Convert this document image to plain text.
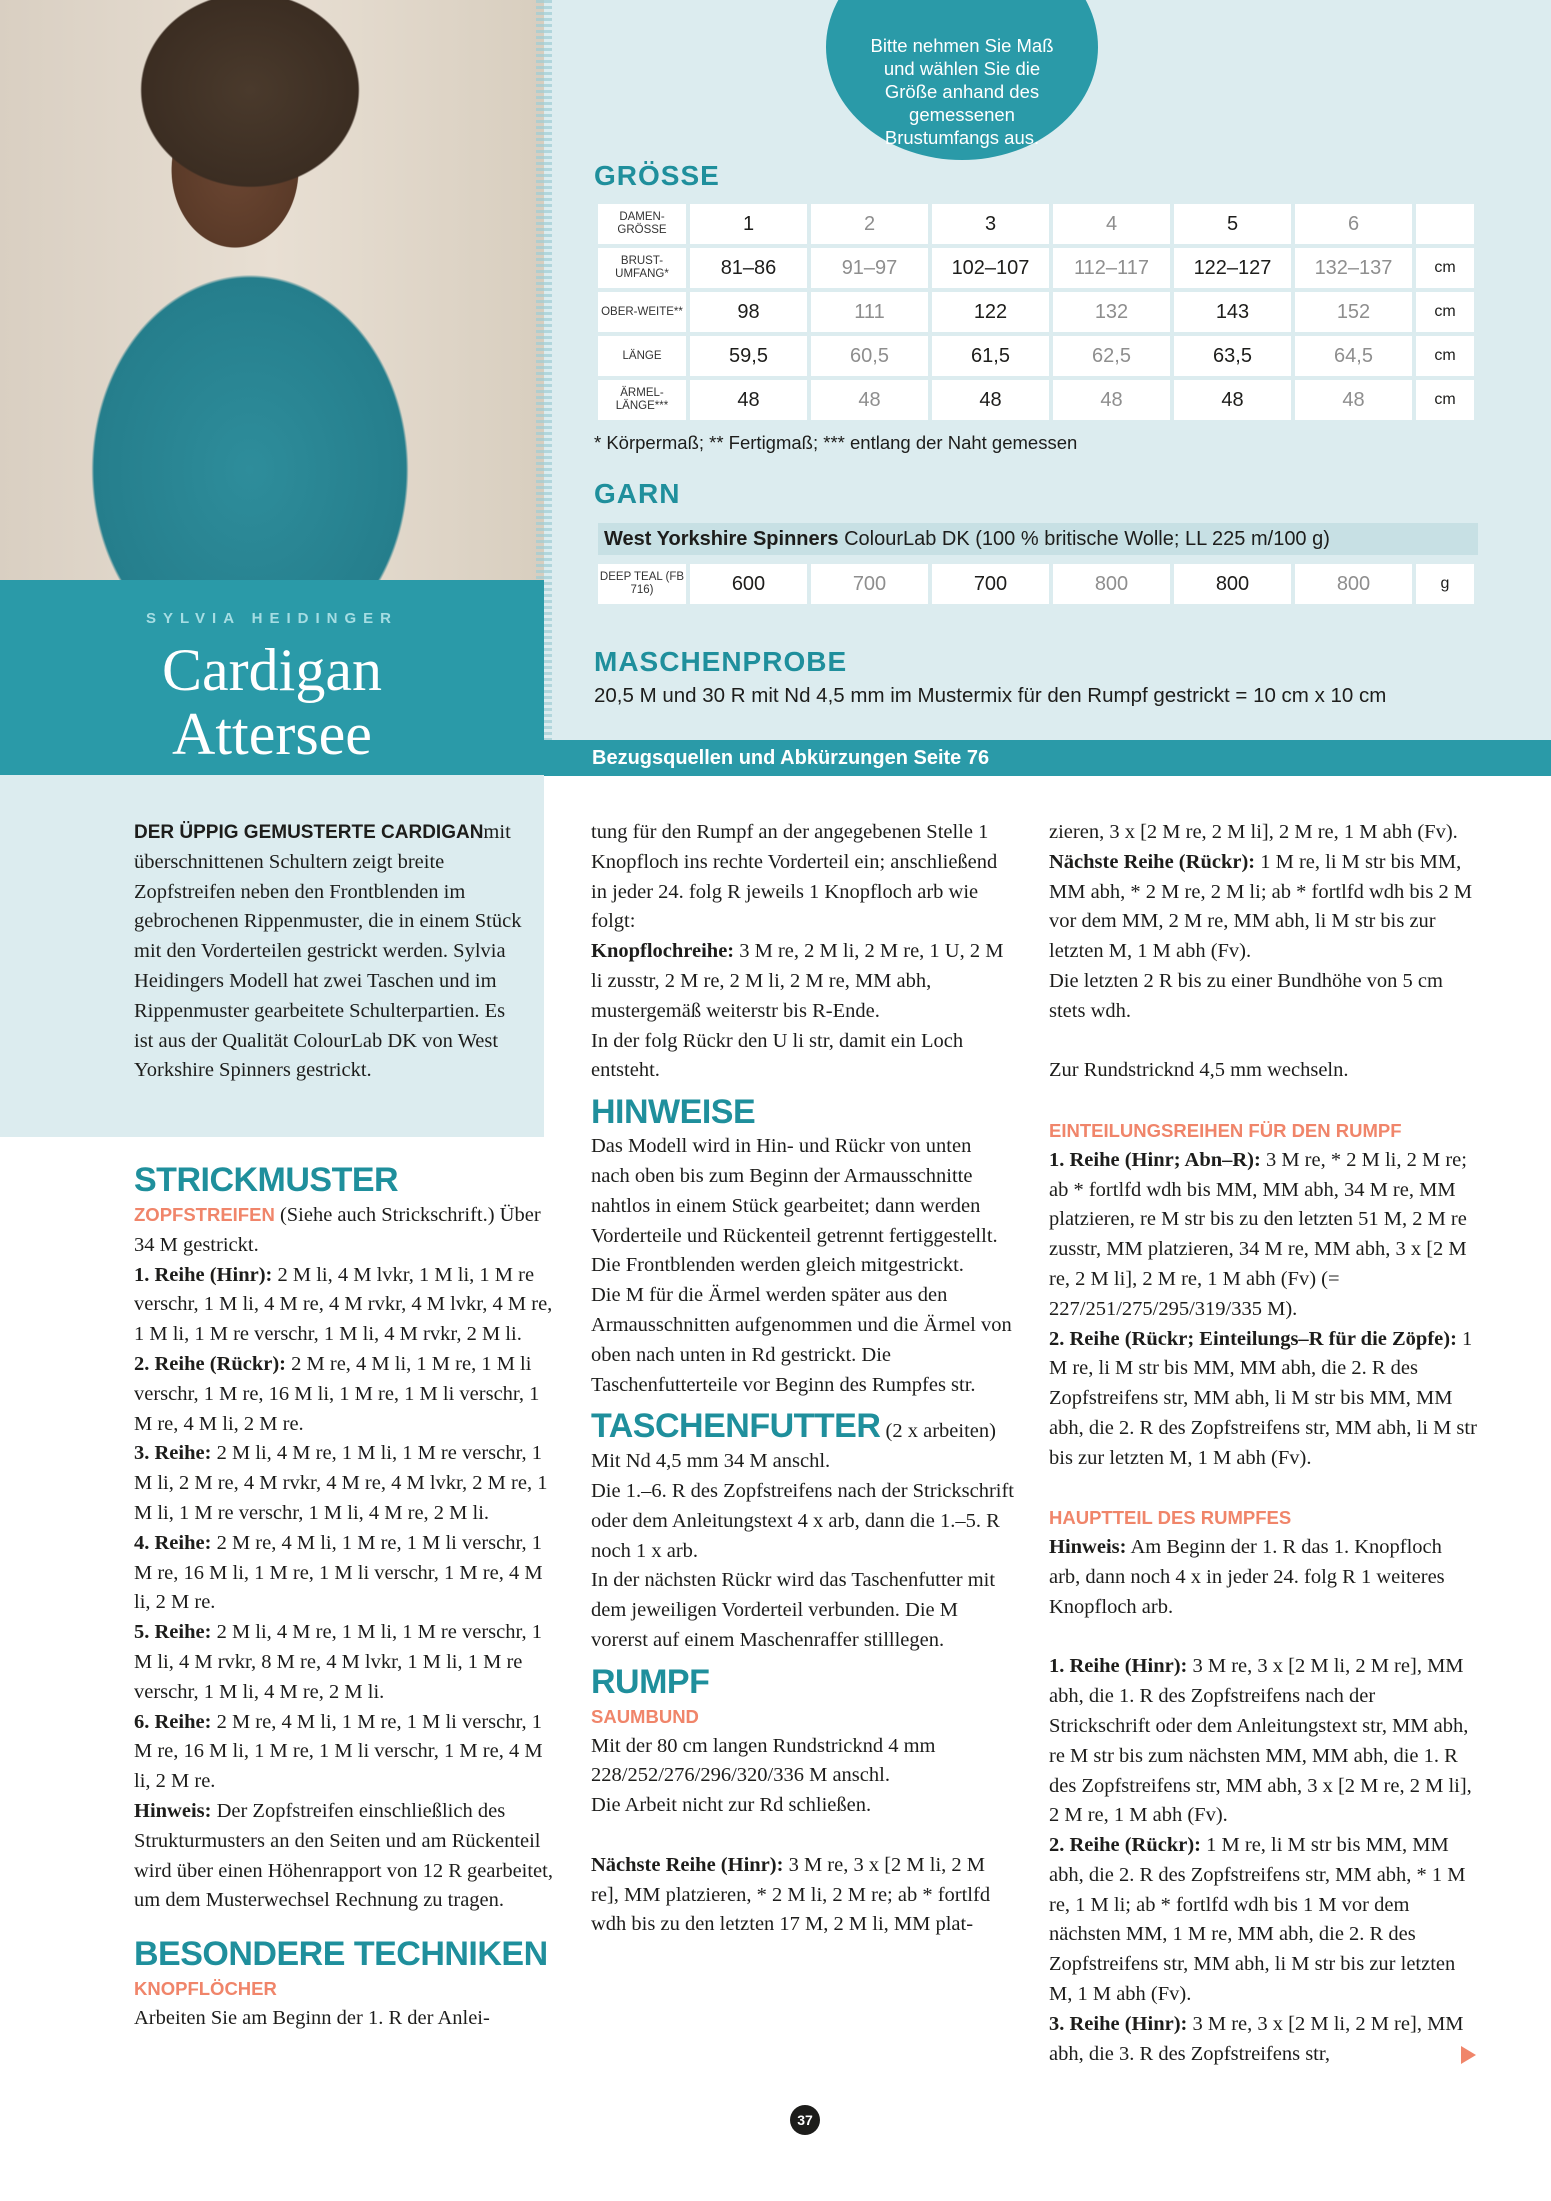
Bitte nehmen Sie Maß und wählen Sie die Größe anhand des gemessenen Brustumfangs aus.
SYLVIA HEIDINGER
Cardigan
Attersee
GRÖSSE
DAMEN-GRÖSSE	1	2	3	4	5	6	
BRUST-UMFANG*	81–86	91–97	102–107	112–117	122–127	132–137	cm
OBER-WEITE**	98	111	122	132	143	152	cm
LÄNGE	59,5	60,5	61,5	62,5	63,5	64,5	cm
ÄRMEL-LÄNGE***	48	48	48	48	48	48	cm
* Körpermaß; ** Fertigmaß; *** entlang der Naht gemessen
GARN
West Yorkshire Spinners ColourLab DK (100 % britische Wolle; LL 225 m/100 g)
DEEP TEAL (FB 716)	600	700	700	800	800	800	g
MASCHENPROBE
20,5 M und 30 R mit Nd 4,5 mm im Mustermix für den Rumpf gestrickt = 10 cm x 10 cm
Bezugsquellen und Abkürzungen Seite 76

DER ÜPPIG GEMUSTERTE CARDIGANmit überschnittenen Schultern zeigt breite Zopfstreifen neben den Frontblenden im gebrochenen Rippenmuster, die in einem Stück mit den Vorderteilen gestrickt werden. Sylvia Heidingers Modell hat zwei Taschen und im Rippenmuster gearbeitete Schulterpartien. Es ist aus der Qualität ColourLab DK von West Yorkshire Spinners gestrickt.

STRICKMUSTER

ZOPFSTREIFEN (Siehe auch Strickschrift.) Über 34 M gestrickt.

1. Reihe (Hinr): 2 M li, 4 M lvkr, 1 M li, 1 M re verschr, 1 M li, 4 M re, 4 M rvkr, 4 M lvkr, 4 M re, 1 M li, 1 M re verschr, 1 M li, 4 M rvkr, 2 M li.

2. Reihe (Rückr): 2 M re, 4 M li, 1 M re, 1 M li verschr, 1 M re, 16 M li, 1 M re, 1 M li verschr, 1 M re, 4 M li, 2 M re.

3. Reihe: 2 M li, 4 M re, 1 M li, 1 M re verschr, 1 M li, 2 M re, 4 M rvkr, 4 M re, 4 M lvkr, 2 M re, 1 M li, 1 M re verschr, 1 M li, 4 M re, 2 M li.

4. Reihe: 2 M re, 4 M li, 1 M re, 1 M li verschr, 1 M re, 16 M li, 1 M re, 1 M li verschr, 1 M re, 4 M li, 2 M re.

5. Reihe: 2 M li, 4 M re, 1 M li, 1 M re verschr, 1 M li, 4 M rvkr, 8 M re, 4 M lvkr, 1 M li, 1 M re verschr, 1 M li, 4 M re, 2 M li.

6. Reihe: 2 M re, 4 M li, 1 M re, 1 M li verschr, 1 M re, 16 M li, 1 M re, 1 M li verschr, 1 M re, 4 M li, 2 M re.

Hinweis: Der Zopfstreifen einschließlich des Strukturmusters an den Seiten und am Rückenteil wird über einen Höhenrapport von 12 R gearbeitet, um dem Musterwechsel Rechnung zu tragen.

BESONDERE TECHNIKEN
KNOPFLÖCHER

Arbeiten Sie am Beginn der 1. R der Anlei-

tung für den Rumpf an der angegebenen Stelle 1 Knopfloch ins rechte Vorderteil ein; anschließend in jeder 24. folg R jeweils 1 Knopfloch arb wie folgt:

Knopflochreihe: 3 M re, 2 M li, 2 M re, 1 U, 2 M li zusstr, 2 M re, 2 M li, 2 M re, MM abh, mustergemäß weiterstr bis R-Ende.

In der folg Rückr den U li str, damit ein Loch entsteht.

HINWEISE

Das Modell wird in Hin- und Rückr von unten nach oben bis zum Beginn der Armausschnitte nahtlos in einem Stück gearbeitet; dann werden Vorderteile und Rückenteil getrennt fertiggestellt. Die Frontblenden werden gleich mitgestrickt.

Die M für die Ärmel werden später aus den Armausschnitten aufgenommen und die Ärmel von oben nach unten in Rd gestrickt. Die Taschenfutterteile vor Beginn des Rumpfes str.

TASCHENFUTTER (2 x arbeiten)

Mit Nd 4,5 mm 34 M anschl.

Die 1.–6. R des Zopfstreifens nach der Strickschrift oder dem Anleitungstext 4 x arb, dann die 1.–5. R noch 1 x arb.

In der nächsten Rückr wird das Taschenfutter mit dem jeweiligen Vorderteil verbunden. Die M vorerst auf einem Maschenraffer stilllegen.

RUMPF
SAUMBUND

Mit der 80 cm langen Rundstricknd 4 mm 228/252/276/296/320/336 M anschl.

Die Arbeit nicht zur Rd schließen.

Nächste Reihe (Hinr): 3 M re, 3 x [2 M li, 2 M re], MM platzieren, * 2 M li, 2 M re; ab * fortlfd wdh bis zu den letzten 17 M, 2 M li, MM plat-

zieren, 3 x [2 M re, 2 M li], 2 M re, 1 M abh (Fv).

Nächste Reihe (Rückr): 1 M re, li M str bis MM, MM abh, * 2 M re, 2 M li; ab * fortlfd wdh bis 2 M vor dem MM, 2 M re, MM abh, li M str bis zur letzten M, 1 M abh (Fv).

Die letzten 2 R bis zu einer Bundhöhe von 5 cm stets wdh.

Zur Rundstricknd 4,5 mm wechseln.

EINTEILUNGSREIHEN FÜR DEN RUMPF

1. Reihe (Hinr; Abn–R): 3 M re, * 2 M li, 2 M re; ab * fortlfd wdh bis MM, MM abh, 34 M re, MM platzieren, re M str bis zu den letzten 51 M, 2 M re zusstr, MM platzieren, 34 M re, MM abh, 3 x [2 M re, 2 M li], 2 M re, 1 M abh (Fv) (= 227/251/275/295/319/335 M).

2. Reihe (Rückr; Einteilungs–R für die Zöpfe): 1 M re, li M str bis MM, MM abh, die 2. R des Zopfstreifens str, MM abh, li M str bis MM, MM abh, die 2. R des Zopfstreifens str, MM abh, li M str bis zur letzten M, 1 M abh (Fv).

HAUPTTEIL DES RUMPFES

Hinweis: Am Beginn der 1. R das 1. Knopfloch arb, dann noch 4 x in jeder 24. folg R 1 weiteres Knopfloch arb.

1. Reihe (Hinr): 3 M re, 3 x [2 M li, 2 M re], MM abh, die 1. R des Zopfstreifens nach der Strickschrift oder dem Anleitungstext str, MM abh, re M str bis zum nächsten MM, MM abh, die 1. R des Zopfstreifens str, MM abh, 3 x [2 M re, 2 M li], 2 M re, 1 M abh (Fv).

2. Reihe (Rückr): 1 M re, li M str bis MM, MM abh, die 2. R des Zopfstreifens str, MM abh, * 1 M re, 1 M li; ab * fortlfd wdh bis 1 M vor dem nächsten MM, 1 M re, MM abh, die 2. R des Zopfstreifens str, MM abh, li M str bis zur letzten M, 1 M abh (Fv).

3. Reihe (Hinr): 3 M re, 3 x [2 M li, 2 M re], MM abh, die 3. R des Zopfstreifens str,

37
